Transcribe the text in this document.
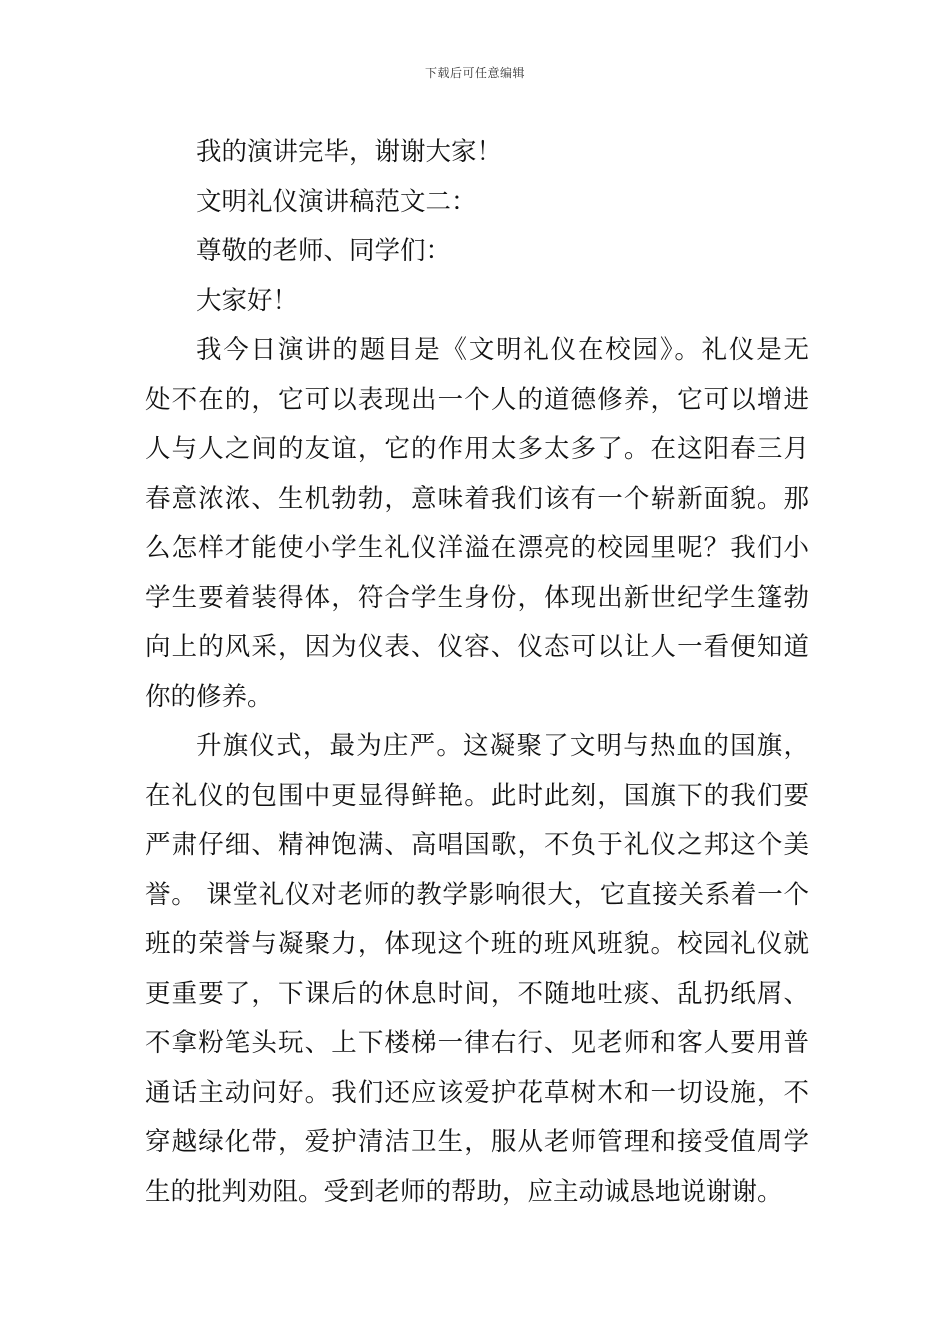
下载后可任意编辑
我的演讲完毕，谢谢大家！
文明礼仪演讲稿范文二：
尊敬的老师、同学们：
大家好！
我今日演讲的题目是《文明礼仪在校园》。礼仪是无
处不在的，它可以表现出一个人的道德修养，它可以增进
人与人之间的友谊，它的作用太多太多了。在这阳春三月
春意浓浓、生机勃勃，意味着我们该有一个崭新面貌。那
么怎样才能使小学生礼仪洋溢在漂亮的校园里呢？我们小
学生要着装得体，符合学生身份，体现出新世纪学生篷勃
向上的风采，因为仪表、仪容、仪态可以让人一看便知道
你的修养。
升旗仪式，最为庄严。这凝聚了文明与热血的国旗，
在礼仪的包围中更显得鲜艳。此时此刻，国旗下的我们要
严肃仔细、精神饱满、高唱国歌，不负于礼仪之邦这个美
誉。 课堂礼仪对老师的教学影响很大，它直接关系着一个
班的荣誉与凝聚力，体现这个班的班风班貌。校园礼仪就
更重要了，下课后的休息时间，不随地吐痰、乱扔纸屑、
不拿粉笔头玩、上下楼梯一律右行、见老师和客人要用普
通话主动问好。我们还应该爱护花草树木和一切设施，不
穿越绿化带，爱护清洁卫生，服从老师管理和接受值周学
生的批判劝阻。受到老师的帮助，应主动诚恳地说谢谢。
